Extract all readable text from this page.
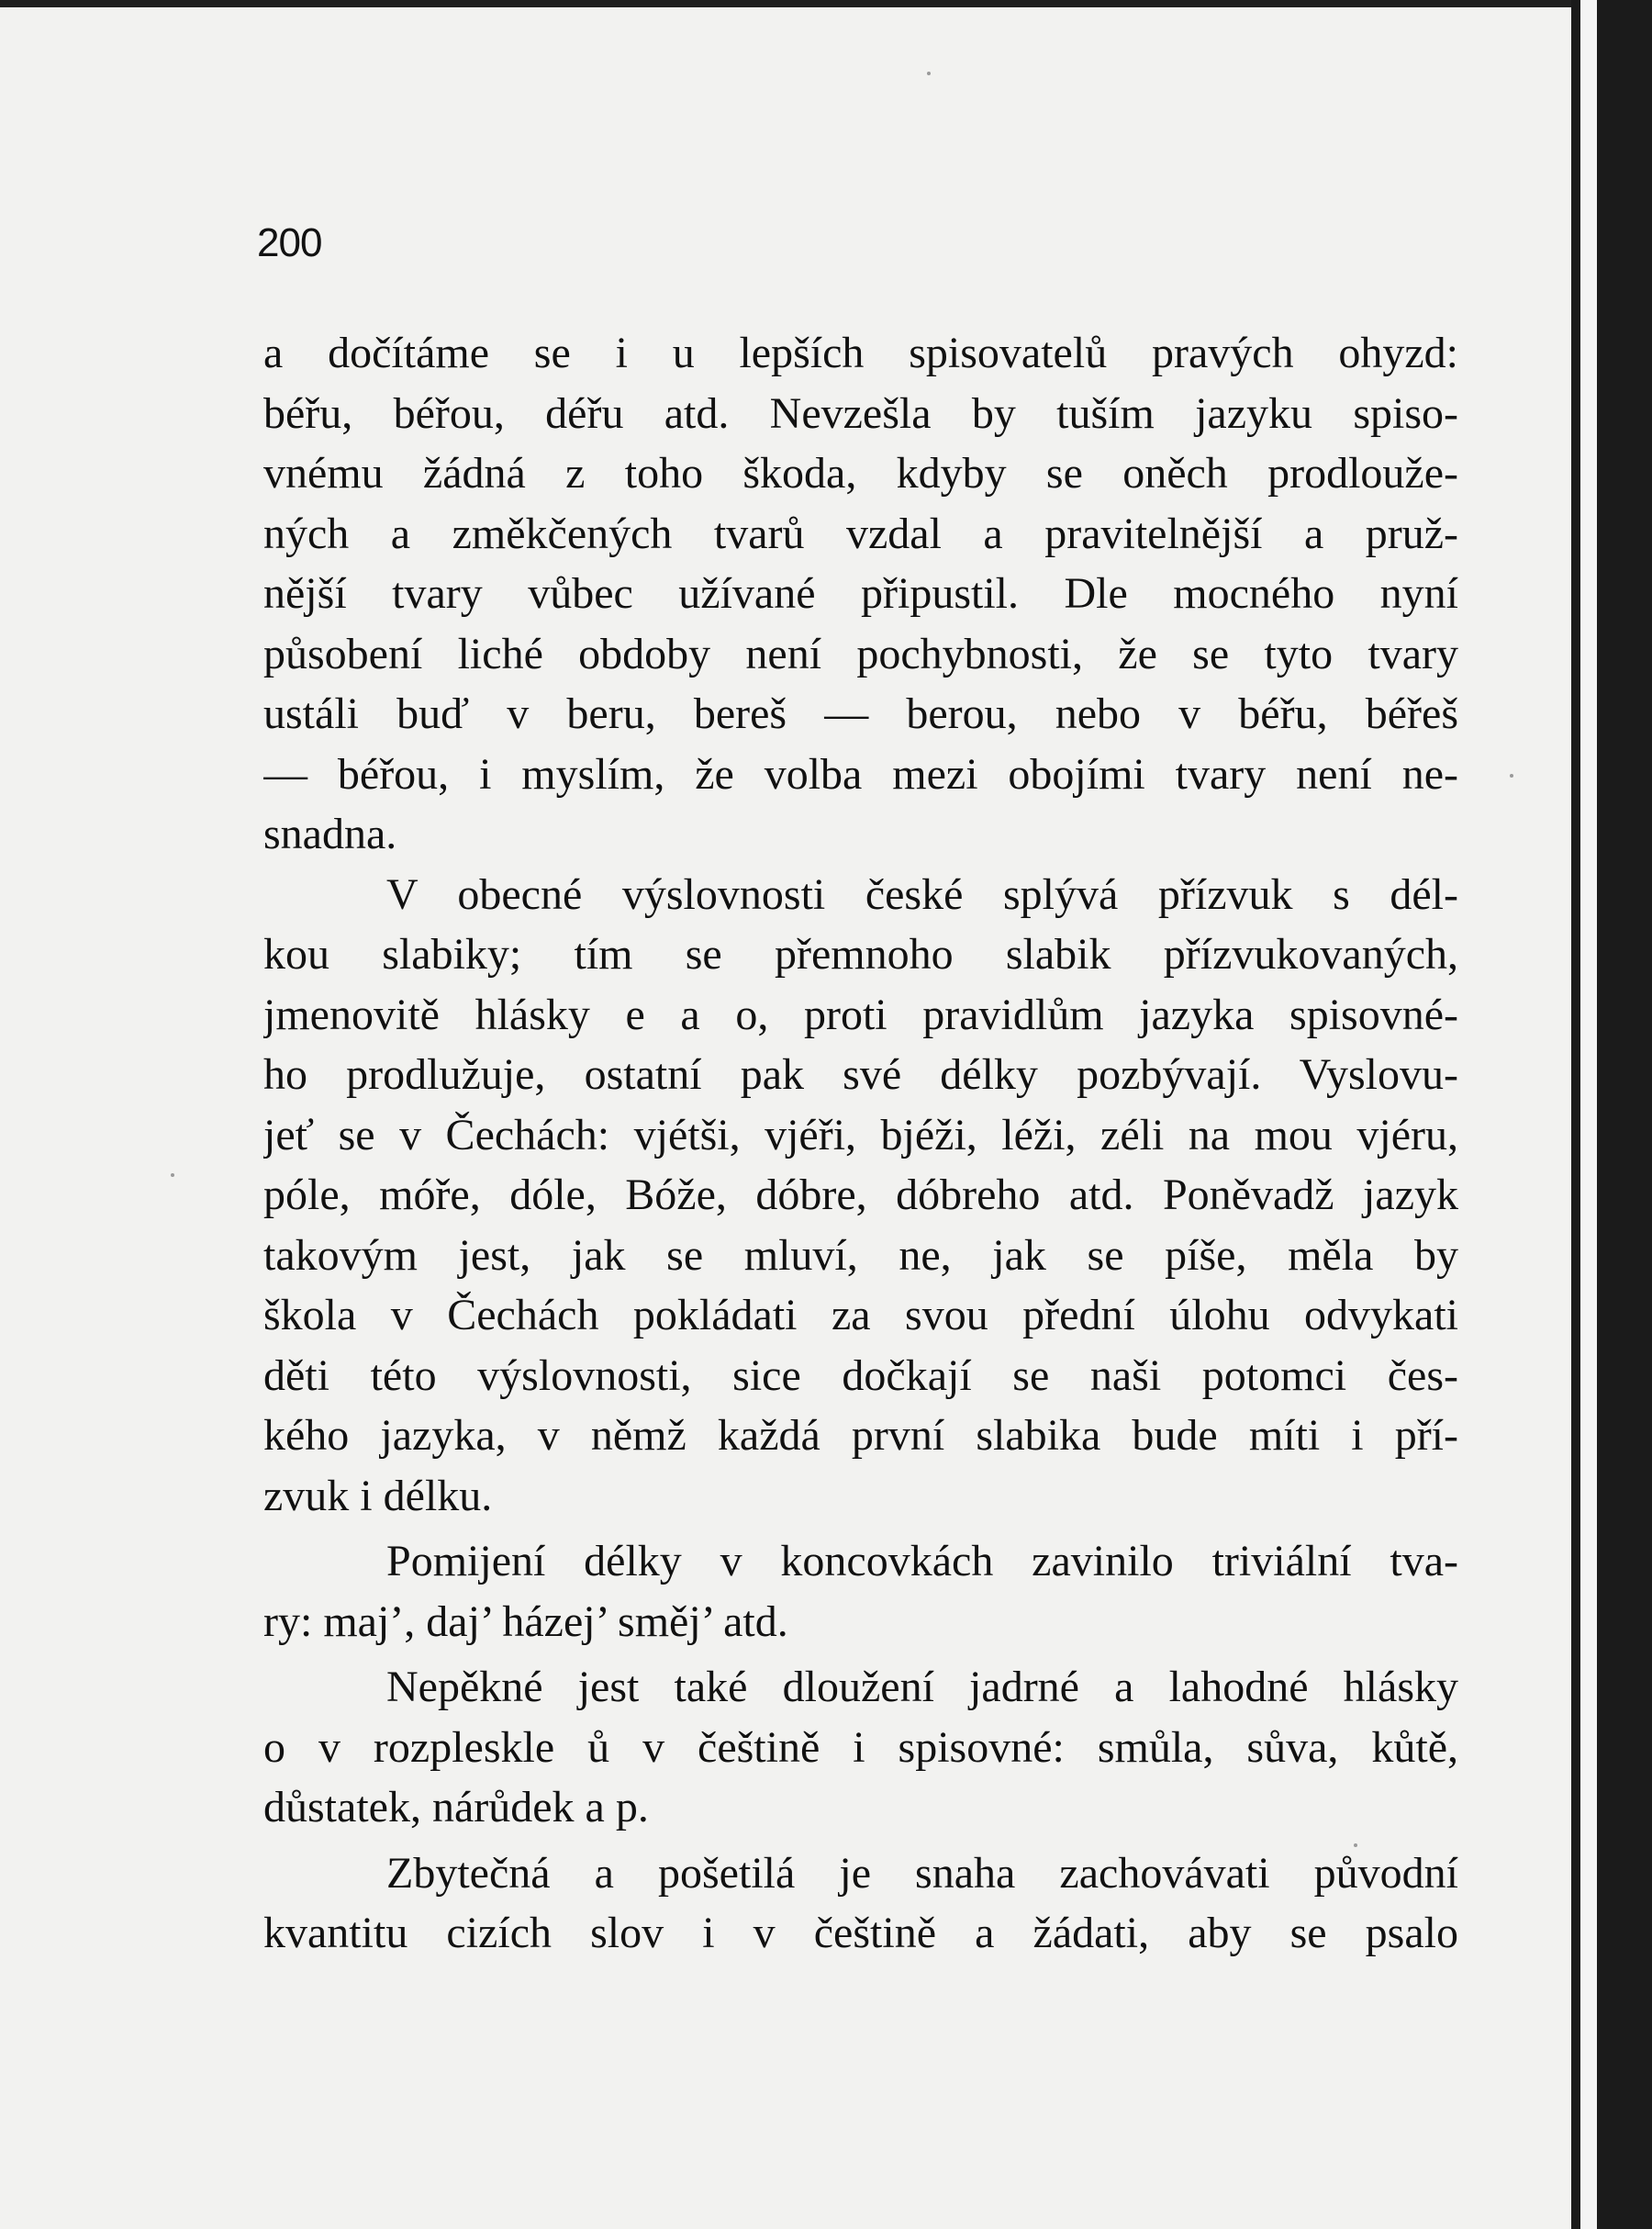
200
a dočítáme se i u lepších spisovatelů pravých ohyzd:
béřu, béřou, déřu atd. Nevzešla by tuším jazyku spiso-
vnému žádná z toho škoda, kdyby se oněch prodlouže-
ných a změkčených tvarů vzdal a pravitelnější a pruž-
nější tvary vůbec užívané připustil. Dle mocného nyní
působení liché obdoby není pochybnosti, že se tyto tvary
ustáli buď v beru, bereš — berou, nebo v béřu, béřeš
— béřou, i myslím, že volba mezi obojími tvary není ne-
snadna.
V obecné výslovnosti české splývá přízvuk s dél-
kou slabiky; tím se přemnoho slabik přízvukovaných,
jmenovitě hlásky e a o, proti pravidlům jazyka spisovné-
ho prodlužuje, ostatní pak své délky pozbývají. Vyslovu-
jeť se v Čechách: vjétši, vjéři, bjéži, léži, zéli na mou vjéru,
póle, móře, dóle, Bóže, dóbre, dóbreho atd. Poněvadž jazyk
takovým jest, jak se mluví, ne, jak se píše, měla by
škola v Čechách pokládati za svou přední úlohu odvykati
děti této výslovnosti, sice dočkají se naši potomci čes-
kého jazyka, v němž každá první slabika bude míti i pří-
zvuk i délku.
Pomijení délky v koncovkách zavinilo triviální tva-
ry: maj’, daj’ házej’ směj’ atd.
Nepěkné jest také dloužení jadrné a lahodné hlásky
o v rozpleskle ů v češtině i spisovné: smůla, sůva, kůtě,
důstatek, nárůdek a p.
Zbytečná a pošetilá je snaha zachovávati původní
kvantitu cizích slov i v češtině a žádati, aby se psalo
